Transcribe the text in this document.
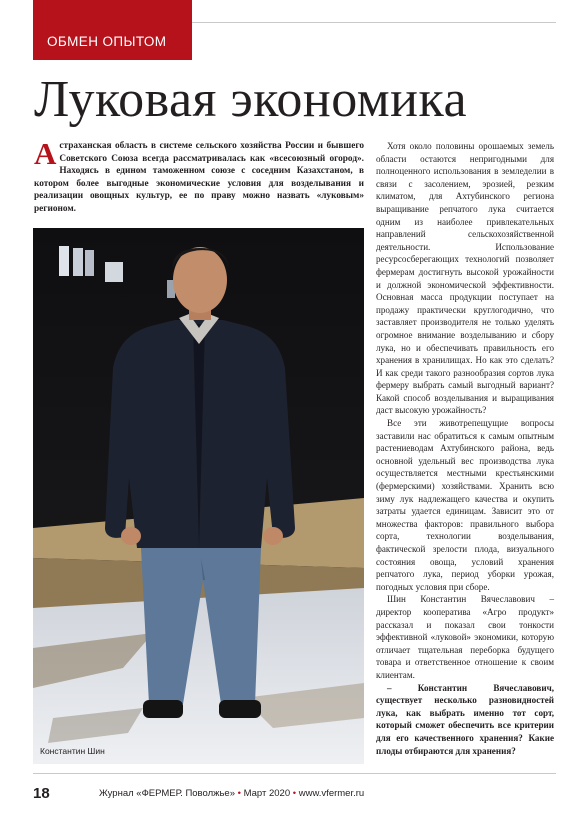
ОБМЕН ОПЫТОМ
Луковая экономика
Астраханская область в системе сельского хозяйства России и бывшего Советского Союза всегда рассматривалась как «всесоюзный огород». Находясь в едином таможенном союзе с соседним Казахстаном, в котором более выгодные экономические условия для возделывания и реализации овощных культур, ее по праву можно назвать «луковым» регионом.
Константин Шин

Хотя около половины орошаемых земель области остаются непригодными для полноценного использования в земледелии в связи с засолением, эрозией, резким климатом, для Ахтубинского региона выращивание репчатого лука считается одним из наиболее привлекательных направлений сельскохозяйственной деятельности. Использование ресурсосберегающих технологий позволяет фермерам достигнуть высокой урожайности и должной экономической эффективности. Основная масса продукции поступает на продажу практически круглогодично, что заставляет производителя не только уделять огромное внимание возделыванию и сбору лука, но и обеспечивать правильность его хранения в хранилищах. Но как это сделать? И как среди такого разнообразия сортов лука фермеру выбрать самый выгодный вариант? Какой способ возделывания и выращивания даст высокую урожайность?

Все эти животрепещущие вопросы заставили нас обратиться к самым опытным растениеводам Ахтубинского района, ведь основной удельный вес производства лука осуществляется местными крестьянскими (фермерскими) хозяйствами. Хранить всю зиму лук надлежащего качества и окупить затраты удается единицам. Зависит это от множества факторов: правильного выбора сорта, технологии возделывания, фактической зрелости плода, визуального состояния овоща, условий хранения репчатого лука, период уборки урожая, погодных условия при сборе.

Шин Константин Вячеславович – директор кооператива «Агро продукт» рассказал и показал свои тонкости эффективной «луковой» экономики, которую отличает тщательная переборка будущего товара и ответственное отношение к своим клиентам.

– Константин Вячеславович, существует несколько разновидностей лука, как выбрать именно тот сорт, который сможет обеспечить все критерии для его качественного хранения? Какие плоды отбираются для хранения?

18	Журнал «ФЕРМЕР. Поволжье» • Март 2020 • www.vfermer.ru
